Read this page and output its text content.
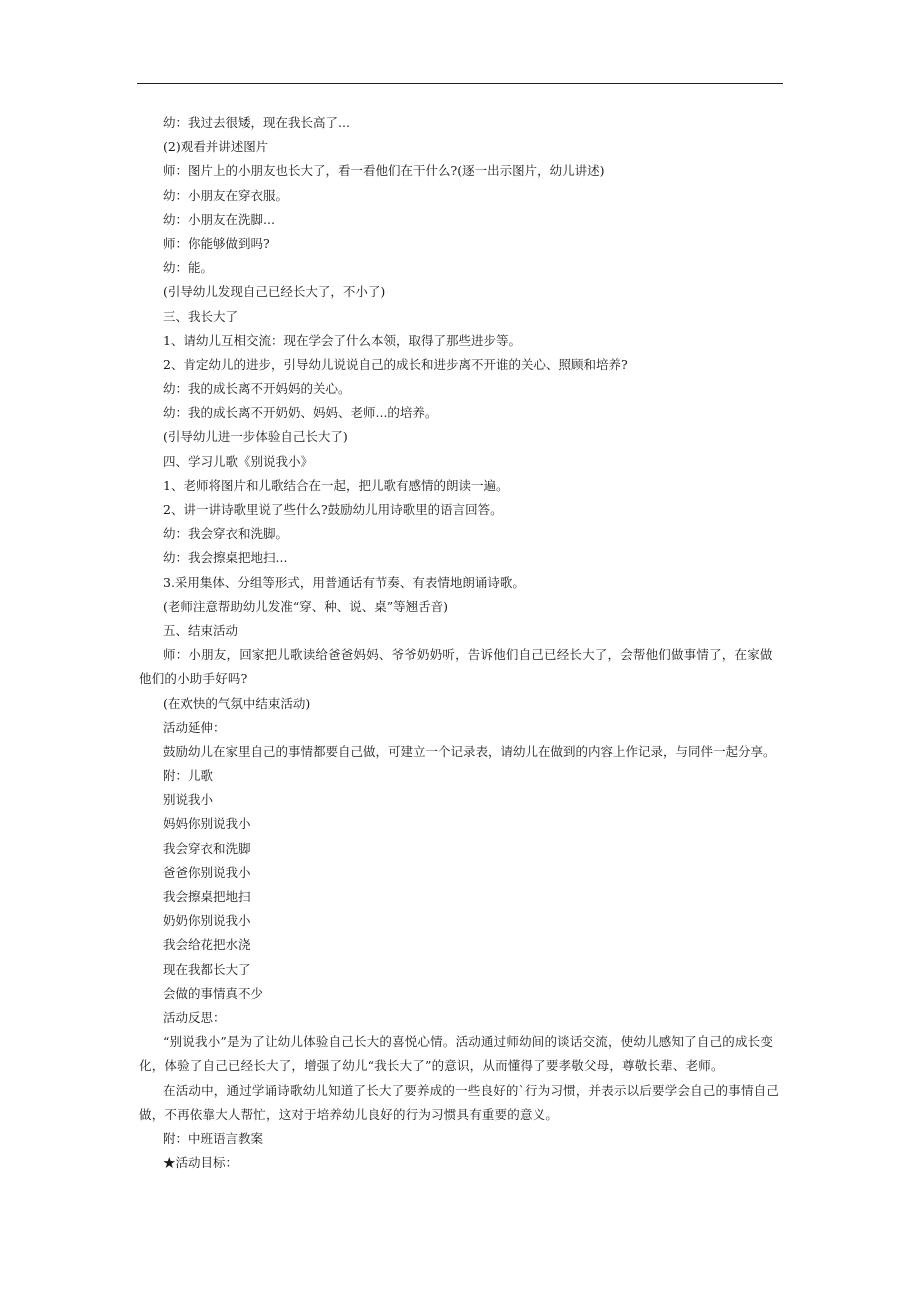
幼：我过去很矮，现在我长高了...
(2)观看并讲述图片
师：图片上的小朋友也长大了，看一看他们在干什么?(逐一出示图片，幼儿讲述)
幼：小朋友在穿衣服。
幼：小朋友在洗脚...
师：你能够做到吗?
幼：能。
(引导幼儿发现自己已经长大了，不小了)
三、我长大了
1、请幼儿互相交流：现在学会了什么本领，取得了那些进步等。
2、肯定幼儿的进步，引导幼儿说说自己的成长和进步离不开谁的关心、照顾和培养?
幼：我的成长离不开妈妈的关心。
幼：我的成长离不开奶奶、妈妈、老师...的培养。
(引导幼儿进一步体验自己长大了)
四、学习儿歌《别说我小》
1、老师将图片和儿歌结合在一起，把儿歌有感情的朗读一遍。
2、讲一讲诗歌里说了些什么?鼓励幼儿用诗歌里的语言回答。
幼：我会穿衣和洗脚。
幼：我会擦桌把地扫...
3.采用集体、分组等形式，用普通话有节奏、有表情地朗诵诗歌。
(老师注意帮助幼儿发准“穿、种、说、桌”等翘舌音)
五、结束活动
师：小朋友，回家把儿歌读给爸爸妈妈、爷爷奶奶听，告诉他们自己已经长大了，会帮他们做事情了，在家做他们的小助手好吗?
(在欢快的气氛中结束活动)
活动延伸：
鼓励幼儿在家里自己的事情都要自己做，可建立一个记录表，请幼儿在做到的内容上作记录，与同伴一起分享。
附：儿歌
别说我小
妈妈你别说我小
我会穿衣和洗脚
爸爸你别说我小
我会擦桌把地扫
奶奶你别说我小
我会给花把水浇
现在我都长大了
会做的事情真不少
活动反思：
“别说我小”是为了让幼儿体验自己长大的喜悦心情。活动通过师幼间的谈话交流，使幼儿感知了自己的成长变化，体验了自己已经长大了，增强了幼儿“我长大了”的意识，从而懂得了要孝敬父母，尊敬长辈、老师。
在活动中，通过学诵诗歌幼儿知道了长大了要养成的一些良好的`行为习惯，并表示以后要学会自己的事情自己做，不再依靠大人帮忙，这对于培养幼儿良好的行为习惯具有重要的意义。
附：中班语言教案
★活动目标：
